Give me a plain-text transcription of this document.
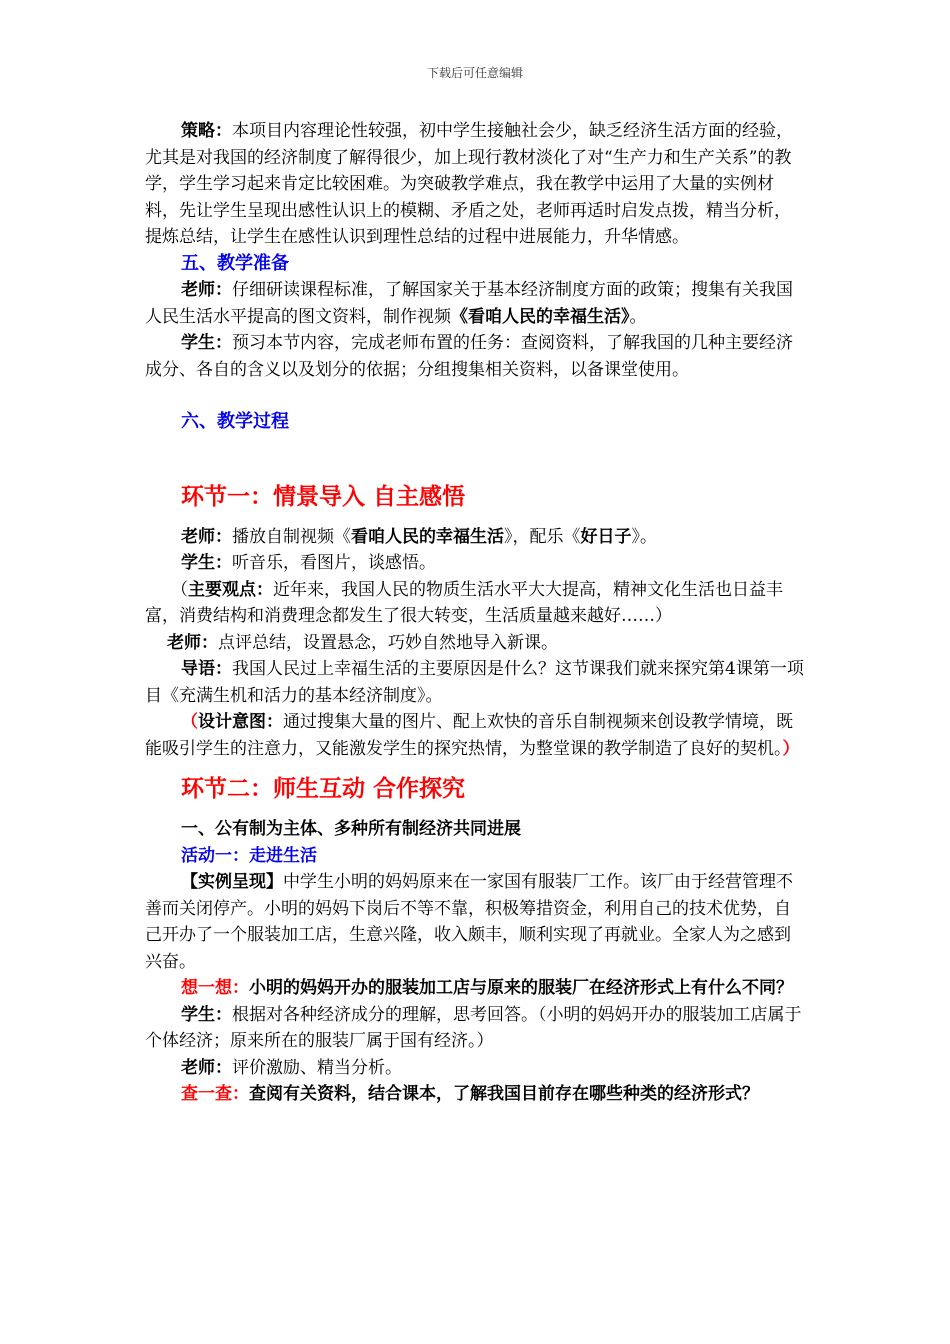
下载后可任意编辑

策略：本项目内容理论性较强，初中学生接触社会少，缺乏经济生活方面的经验，尤其是对我国的经济制度了解得很少，加上现行教材淡化了对“生产力和生产关系”的教学，学生学习起来肯定比较困难。为突破教学难点，我在教学中运用了大量的实例材料，先让学生呈现出感性认识上的模糊、矛盾之处，老师再适时启发点拨，精当分析，提炼总结，让学生在感性认识到理性总结的过程中进展能力，升华情感。

五、教学准备

老师：仔细研读课程标准，了解国家关于基本经济制度方面的政策；搜集有关我国人民生活水平提高的图文资料，制作视频《看咱人民的幸福生活》。

学生：预习本节内容，完成老师布置的任务：查阅资料，了解我国的几种主要经济成分、各自的含义以及划分的依据；分组搜集相关资料，以备课堂使用。

六、教学过程

环节一：情景导入 自主感悟

老师：播放自制视频《看咱人民的幸福生活》，配乐《好日子》。

学生：听音乐，看图片，谈感悟。

（主要观点：近年来，我国人民的物质生活水平大大提高，精神文化生活也日益丰富，消费结构和消费理念都发生了很大转变，生活质量越来越好……）

老师：点评总结，设置悬念，巧妙自然地导入新课。

导语：我国人民过上幸福生活的主要原因是什么？这节课我们就来探究第4课第一项目《充满生机和活力的基本经济制度》。

（设计意图：通过搜集大量的图片、配上欢快的音乐自制视频来创设教学情境，既能吸引学生的注意力，又能激发学生的探究热情，为整堂课的教学制造了良好的契机。）

环节二：师生互动 合作探究

一、公有制为主体、多种所有制经济共同进展

活动一：走进生活

【实例呈现】中学生小明的妈妈原来在一家国有服装厂工作。该厂由于经营管理不善而关闭停产。小明的妈妈下岗后不等不靠，积极筹措资金，利用自己的技术优势，自己开办了一个服装加工店，生意兴隆，收入颇丰，顺利实现了再就业。全家人为之感到兴奋。

想一想：小明的妈妈开办的服装加工店与原来的服装厂在经济形式上有什么不同？

学生：根据对各种经济成分的理解，思考回答。（小明的妈妈开办的服装加工店属于个体经济；原来所在的服装厂属于国有经济。）

老师：评价激励、精当分析。

查一查：查阅有关资料，结合课本，了解我国目前存在哪些种类的经济形式？
